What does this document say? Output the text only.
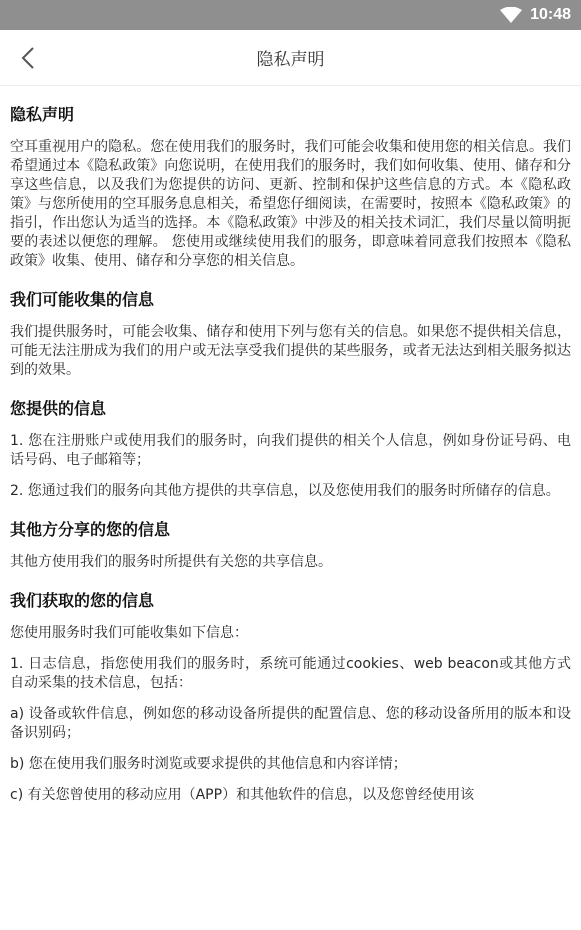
10:48
隐私声明
隐私声明

空耳重视用户的隐私。您在使用我们的服务时，我们可能会收集和使用您的相关信息。我们希望通过本《隐私政策》向您说明，在使用我们的服务时，我们如何收集、使用、储存和分享这些信息，以及我们为您提供的访问、更新、控制和保护这些信息的方式。本《隐私政策》与您所使用的空耳服务息息相关，希望您仔细阅读，在需要时，按照本《隐私政策》的指引，作出您认为适当的选择。本《隐私政策》中涉及的相关技术词汇，我们尽量以简明扼要的表述以便您的理解。 您使用或继续使用我们的服务，即意味着同意我们按照本《隐私政策》收集、使用、储存和分享您的相关信息。

我们可能收集的信息

我们提供服务时，可能会收集、储存和使用下列与您有关的信息。如果您不提供相关信息，可能无法注册成为我们的用户或无法享受我们提供的某些服务，或者无法达到相关服务拟达到的效果。

您提供的信息

1. 您在注册账户或使用我们的服务时，向我们提供的相关个人信息，例如身份证号码、电话号码、电子邮箱等；

2. 您通过我们的服务向其他方提供的共享信息，以及您使用我们的服务时所储存的信息。

其他方分享的您的信息

其他方使用我们的服务时所提供有关您的共享信息。

我们获取的您的信息

您使用服务时我们可能收集如下信息：

1. 日志信息，指您使用我们的服务时，系统可能通过cookies、web beacon或其他方式自动采集的技术信息，包括：

a) 设备或软件信息，例如您的移动设备所提供的配置信息、您的移动设备所用的版本和设备识别码；

b) 您在使用我们服务时浏览或要求提供的其他信息和内容详情；

c) 有关您曾使用的移动应用（APP）和其他软件的信息，以及您曾经使用该
